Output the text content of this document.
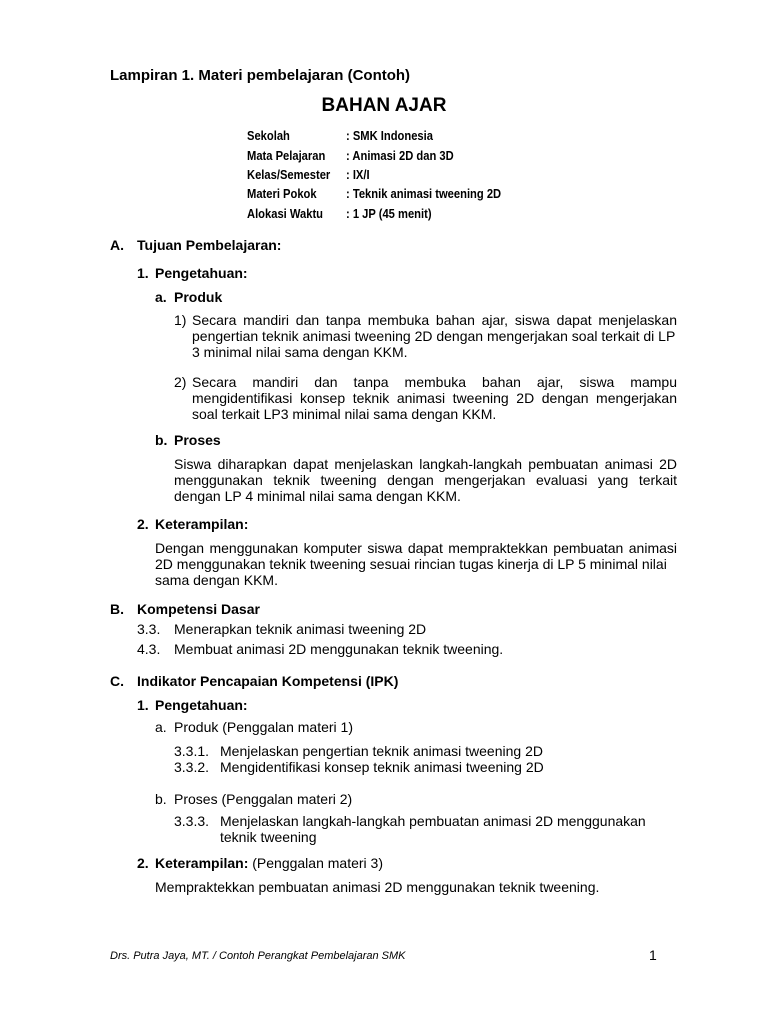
Lampiran 1. Materi pembelajaran (Contoh)
BAHAN AJAR
Sekolah	: SMK Indonesia
Mata Pelajaran : Animasi 2D dan 3D
Kelas/Semester : IX/I
Materi Pokok : Teknik animasi tweening 2D
Alokasi Waktu : 1 JP (45 menit)
A. Tujuan Pembelajaran:
1. Pengetahuan:
a. Produk
1) Secara mandiri dan tanpa membuka bahan ajar, siswa dapat menjelaskan
pengertian teknik animasi tweening 2D dengan mengerjakan soal terkait di LP
3 minimal nilai sama dengan KKM.
2) Secara mandiri dan tanpa membuka bahan ajar, siswa mampu
mengidentifikasi konsep teknik animasi tweening 2D dengan mengerjakan
soal terkait LP3 minimal nilai sama dengan KKM.
b. Proses
Siswa diharapkan dapat menjelaskan langkah-langkah pembuatan animasi 2D
menggunakan teknik tweening dengan mengerjakan evaluasi yang terkait
dengan LP 4 minimal nilai sama dengan KKM.
2. Keterampilan:
Dengan menggunakan komputer siswa dapat mempraktekkan pembuatan animasi
2D menggunakan teknik tweening sesuai rincian tugas kinerja di LP 5 minimal nilai
sama dengan KKM.
B. Kompetensi Dasar
3.3. Menerapkan teknik animasi tweening 2D
4.3. Membuat animasi 2D menggunakan teknik tweening.
C. Indikator Pencapaian Kompetensi (IPK)
1. Pengetahuan:
a. Produk (Penggalan materi 1)
3.3.1. Menjelaskan pengertian teknik animasi tweening 2D
3.3.2. Mengidentifikasi konsep teknik animasi tweening 2D
b. Proses (Penggalan materi 2)
3.3.3. Menjelaskan langkah-langkah pembuatan animasi 2D menggunakan
teknik tweening
2. Keterampilan: (Penggalan materi 3)
Mempraktekkan pembuatan animasi 2D menggunakan teknik tweening.
Drs. Putra Jaya, MT. / Contoh Perangkat Pembelajaran SMK	1
